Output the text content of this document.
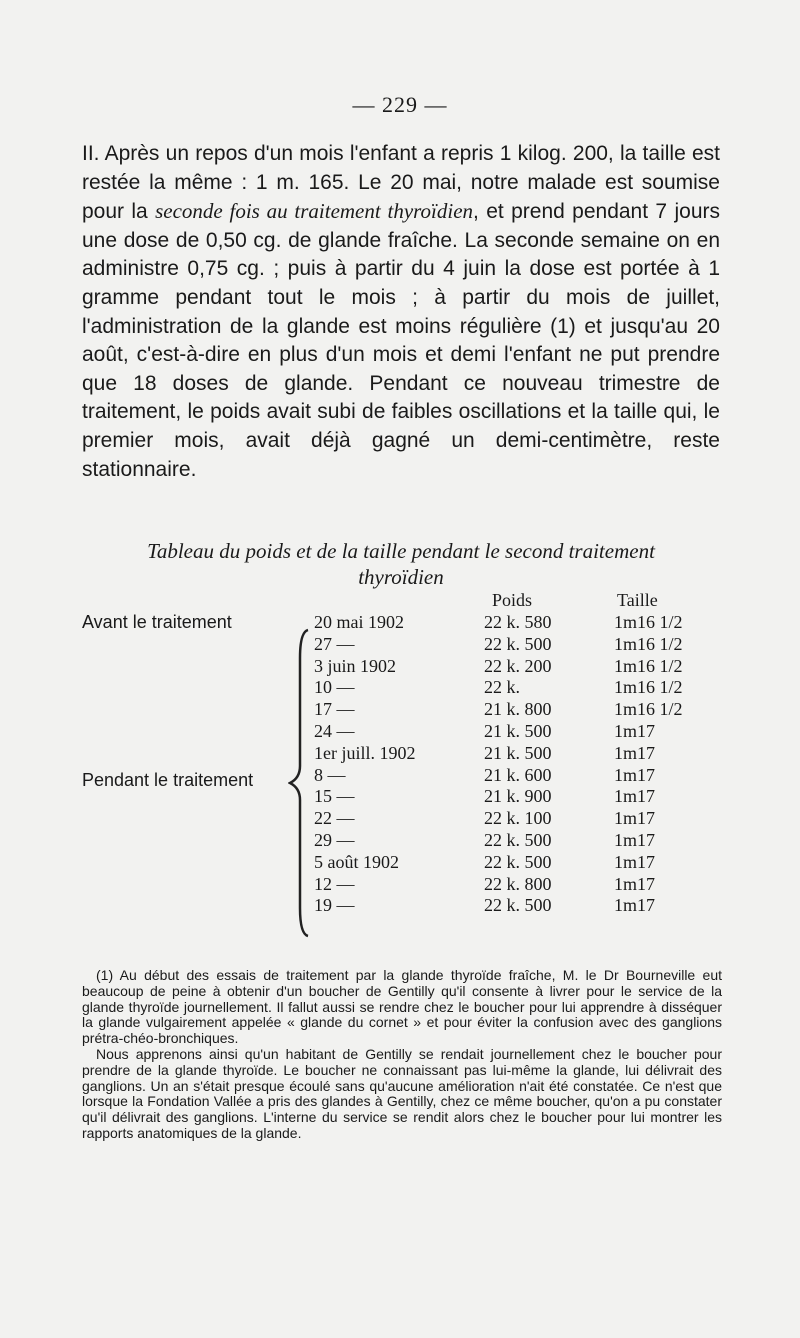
— 229 —
II. Après un repos d'un mois l'enfant a repris 1 kilog. 200, la taille est restée la même : 1 m. 165. Le 20 mai, notre malade est soumise pour la seconde fois au traitement thyroïdien, et prend pendant 7 jours une dose de 0,50 cg. de glande fraîche. La seconde semaine on en administre 0,75 cg. ; puis à partir du 4 juin la dose est portée à 1 gramme pendant tout le mois ; à partir du mois de juillet, l'administration de la glande est moins régulière (1) et jusqu'au 20 août, c'est-à-dire en plus d'un mois et demi l'enfant ne put prendre que 18 doses de glande. Pendant ce nouveau trimestre de traitement, le poids avait subi de faibles oscillations et la taille qui, le premier mois, avait déjà gagné un demi-centimètre, reste stationnaire.
Tableau du poids et de la taille pendant le second traitement
thyroïdien
Poids	Taille
Avant le traitement
Pendant le traitement
20 mai 1902	22 k. 580	1m16 1/2
27 —	22 k. 500	1m16 1/2
3 juin 1902	22 k. 200	1m16 1/2
10 —	22 k.	1m16 1/2
17 —	21 k. 800	1m16 1/2
24 —	21 k. 500	1m17
1er juill. 1902	21 k. 500	1m17
8 —	21 k. 600	1m17
15 —	21 k. 900	1m17
22 —	22 k. 100	1m17
29 —	22 k. 500	1m17
5 août 1902	22 k. 500	1m17
12 —	22 k. 800	1m17
19 —	22 k. 500	1m17

(1) Au début des essais de traitement par la glande thyroïde fraîche, M. le Dr Bourneville eut beaucoup de peine à obtenir d'un boucher de Gentilly qu'il consente à livrer pour le service de la glande thyroïde journellement. Il fallut aussi se rendre chez le boucher pour lui apprendre à disséquer la glande vulgairement appelée « glande du cornet » et pour éviter la confusion avec des ganglions prétra-chéo-bronchiques.

Nous apprenons ainsi qu'un habitant de Gentilly se rendait journellement chez le boucher pour prendre de la glande thyroïde. Le boucher ne connaissant pas lui-même la glande, lui délivrait des ganglions. Un an s'était presque écoulé sans qu'aucune amélioration n'ait été constatée. Ce n'est que lorsque la Fondation Vallée a pris des glandes à Gentilly, chez ce même boucher, qu'on a pu constater qu'il délivrait des ganglions. L'interne du service se rendit alors chez le boucher pour lui montrer les rapports anatomiques de la glande.
